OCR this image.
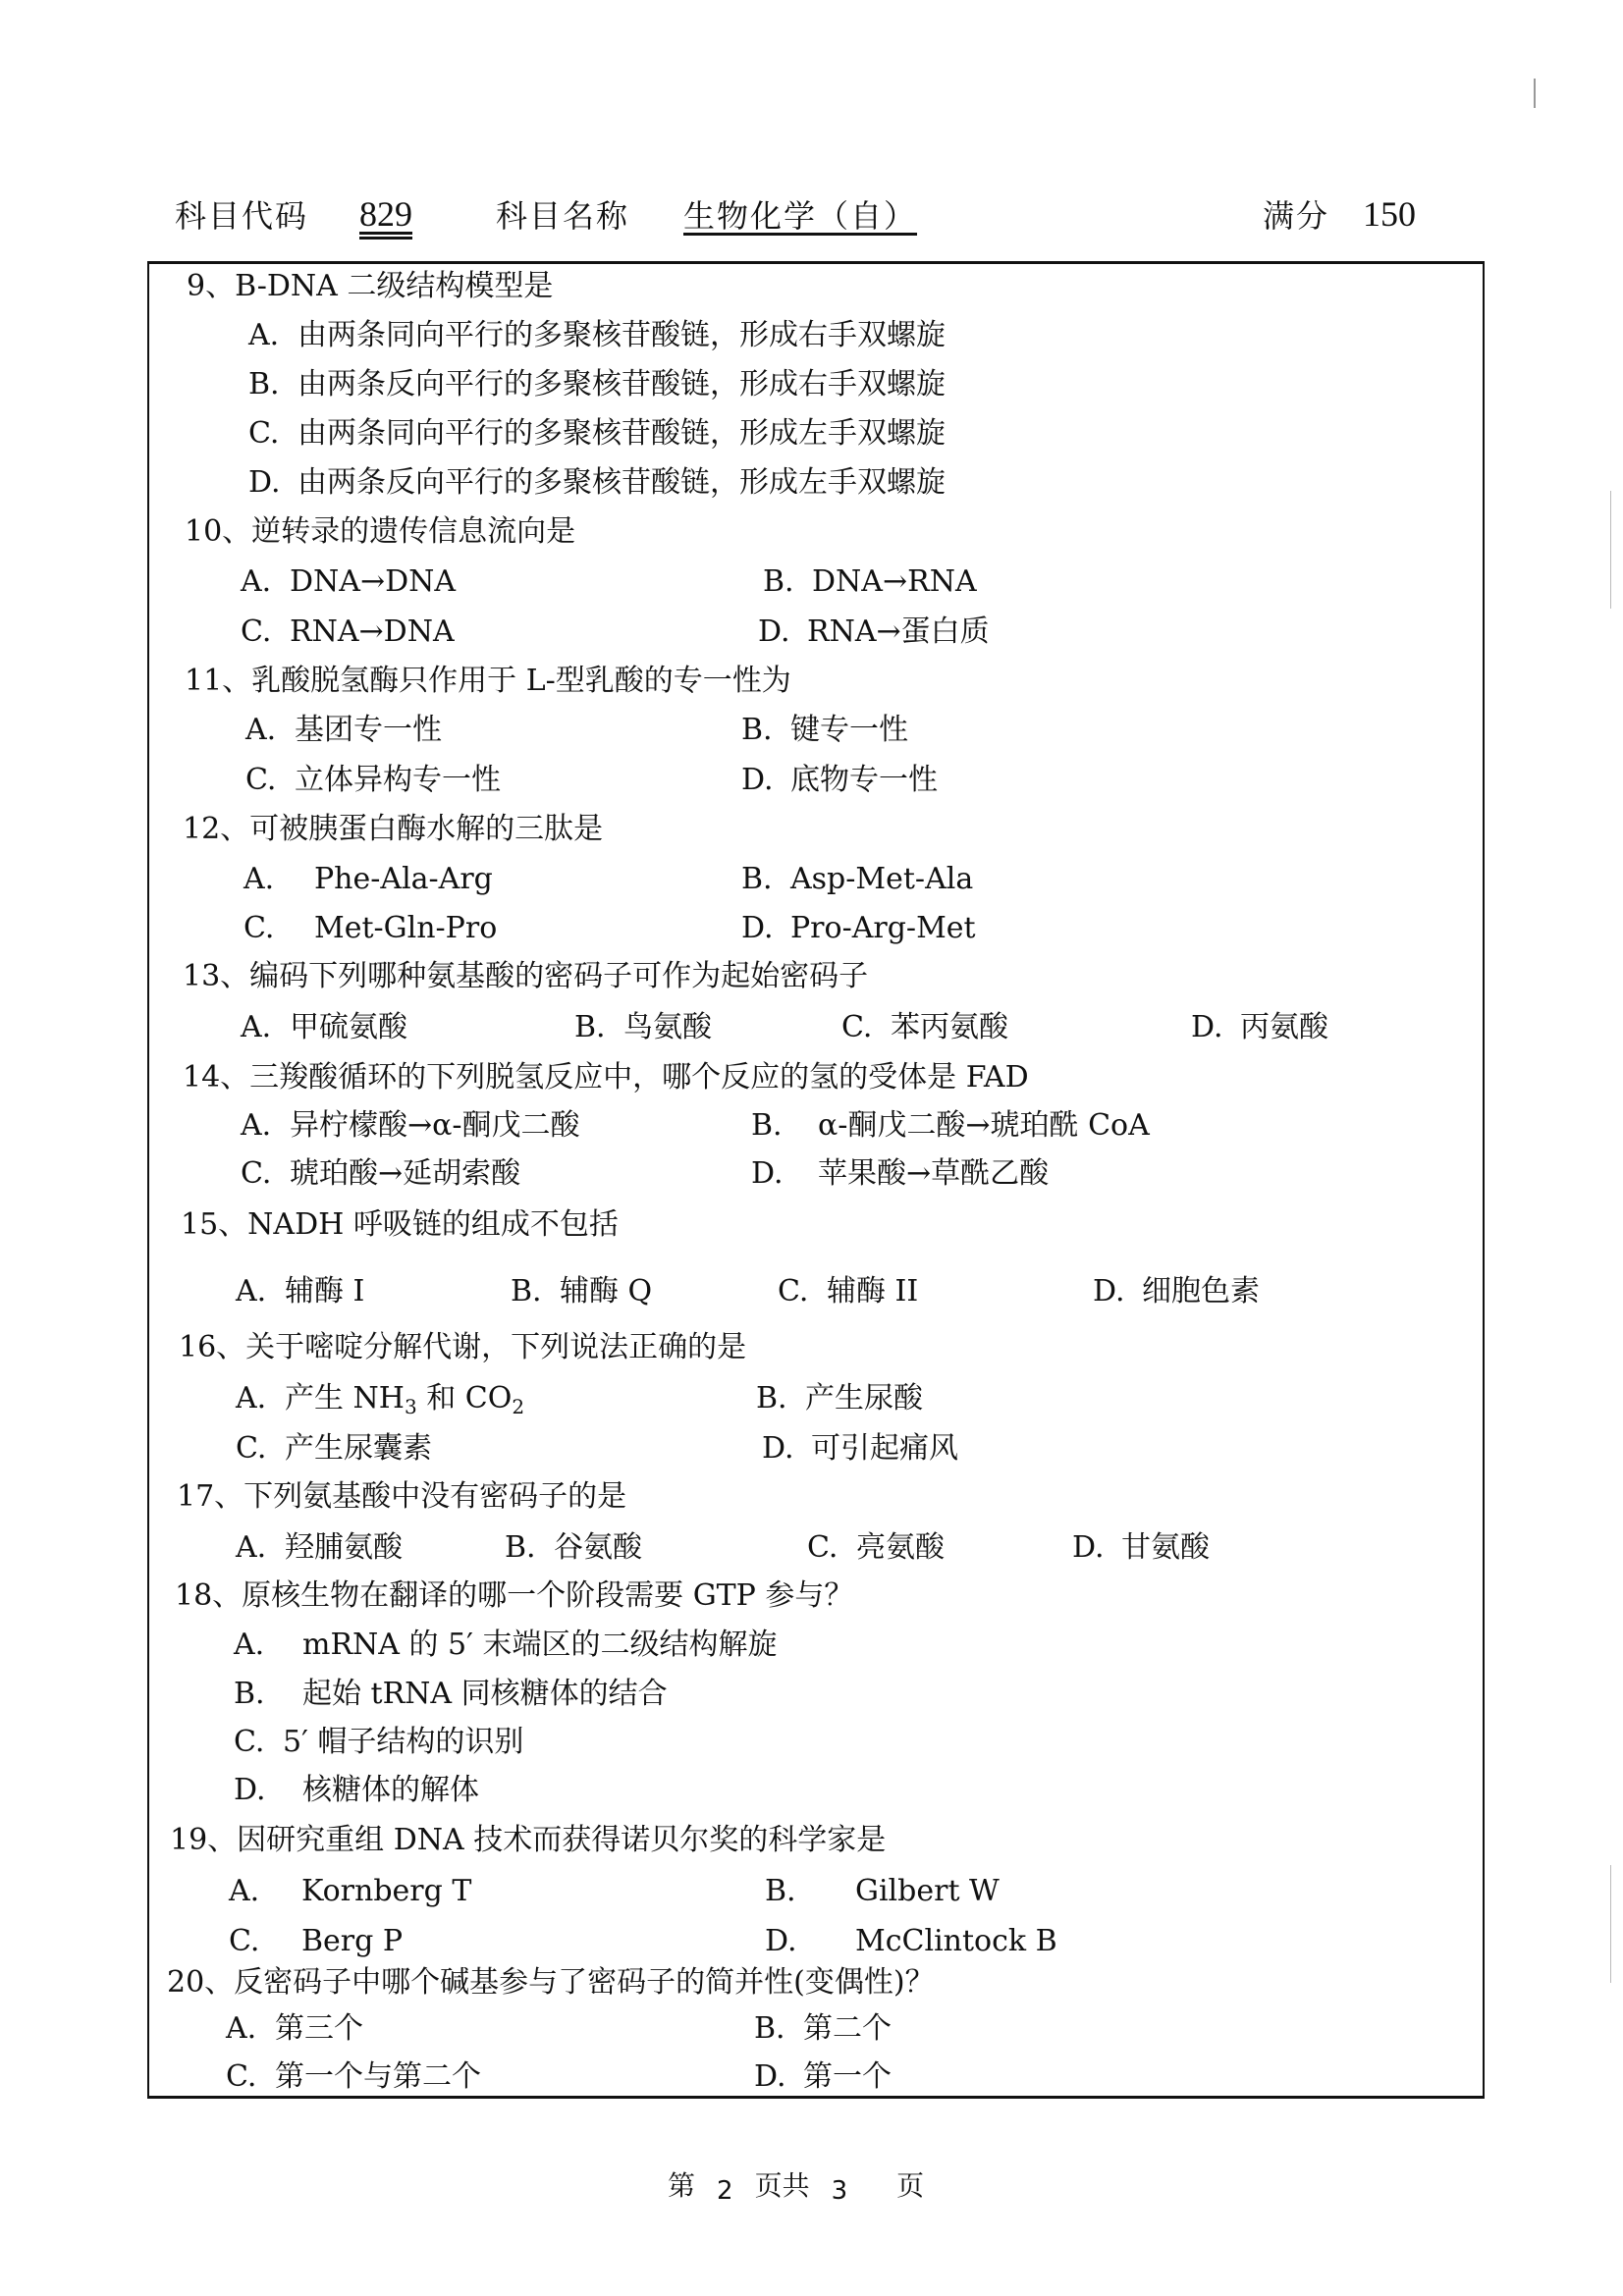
科目代码 829	科目名称 生物化学（自）	满分 150
9、B-DNA 二级结构模型是
A. 由两条同向平行的多聚核苷酸链，形成右手双螺旋
B. 由两条反向平行的多聚核苷酸链，形成右手双螺旋
C. 由两条同向平行的多聚核苷酸链，形成左手双螺旋
D. 由两条反向平行的多聚核苷酸链，形成左手双螺旋
10、逆转录的遗传信息流向是
A. DNA→DNA	B. DNA→RNA
C. RNA→DNA	D. RNA→蛋白质
11、乳酸脱氢酶只作用于 L-型乳酸的专一性为
A. 基团专一性	B. 键专一性
C. 立体异构专一性	D. 底物专一性
12、可被胰蛋白酶水解的三肽是
A. Phe-Ala-Arg	B. Asp-Met-Ala
C. Met-Gln-Pro	D. Pro-Arg-Met
13、编码下列哪种氨基酸的密码子可作为起始密码子
A. 甲硫氨酸	B. 鸟氨酸	C. 苯丙氨酸	D. 丙氨酸
14、三羧酸循环的下列脱氢反应中，哪个反应的氢的受体是 FAD
A. 异柠檬酸→α-酮戊二酸	B. α-酮戊二酸→琥珀酰 CoA
C. 琥珀酸→延胡索酸	D. 苹果酸→草酰乙酸
15、NADH 呼吸链的组成不包括
A. 辅酶 I	B. 辅酶 Q	C. 辅酶 II	D. 细胞色素
16、关于嘧啶分解代谢，下列说法正确的是
A. 产生 $NH_3$ 和 $CO_2$	B. 产生尿酸
C. 产生尿囊素	D. 可引起痛风
17、下列氨基酸中没有密码子的是
A. 羟脯氨酸	B. 谷氨酸	C. 亮氨酸	D. 甘氨酸
18、原核生物在翻译的哪一个阶段需要 GTP 参与？
A. mRNA 的 5′ 末端区的二级结构解旋
B. 起始 tRNA 同核糖体的结合
C. 5′ 帽子结构的识别
D. 核糖体的解体
19、因研究重组 DNA 技术而获得诺贝尔奖的科学家是
A. Kornberg T	B. Gilbert W
C. Berg P	D. McClintock B
20、反密码子中哪个碱基参与了密码子的简并性(变偶性)？
A. 第三个	B. 第二个
C. 第一个与第二个	D. 第一个
第 2 页共 3 页
